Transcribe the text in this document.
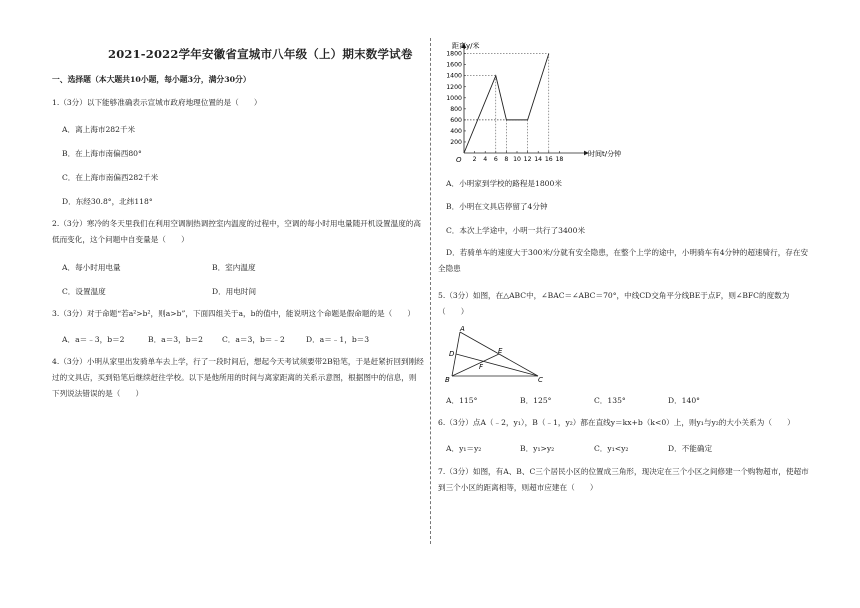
2021-2022学年安徽省宣城市八年级（上）期末数学试卷
一、选择题（本大题共10小题，每小题3分，满分30分）
1.（3分）以下能够准确表示宣城市政府地理位置的是（　　）
A．离上海市282千米
B．在上海市南偏西80°
C．在上海市南偏西282千米
D．东经30.8°，北纬118°
2.（3分）寒冷的冬天里我们在利用空调制热调控室内温度的过程中，空调的每小时用电量随开机设置温度的高低而变化，这个问题中自变量是（　　）
A．每小时用电量	B．室内温度
C．设置温度	D．用电时间
3.（3分）对于命题“若a²>b²，则a>b”，下面四组关于a，b的值中，能说明这个命题是假命题的是（　　）
A．a＝﹣3，b＝2	B．a＝3，b＝2 C．a＝3，b＝﹣2	D．a＝﹣1，b＝3
4.（3分）小明从家里出发骑单车去上学，行了一段时间后，想起今天考试须要带2B铅笔，于是赶紧折回到刚经过的文具店，买到铅笔后继续赶往学校。以下是他所用的时间与离家距离的关系示意图，根据图中的信息，则下列说法错误的是（　　）
2 4 6 8 10 12 14 16 18
200
400
600
800
1000
1200
1400
1600
1800
距离y/米
时间t/分钟
O
A．小明家到学校的路程是1800米
B．小明在文具店停留了4分钟
C．本次上学途中，小明一共行了3400米
D．若骑单车的速度大于300米/分就有安全隐患，在整个上学的途中，小明骑车有4分钟的超速骑行，存在安全隐患
5.（3分）如图，在△ABC中，∠BAC＝∠ABC＝70°，中线CD交角平分线BE于点F，则∠BFC的度数为（　　）
A
B	C
D	E
F
A．115°	B．125°	C．135°	D．140°
6.（3分）点A（﹣2，y₁），B（﹣1，y₂）都在直线y＝kx+b（k<0）上，则y₁与y₂的大小关系为（　　）
A．y₁＝y₂	B．y₁>y₂	C．y₁<y₂	D．不能确定
7.（3分）如图，有A、B、C三个居民小区的位置成三角形，现决定在三个小区之间修建一个购物超市，使超市到三个小区的距离相等，则超市应建在（　　）
